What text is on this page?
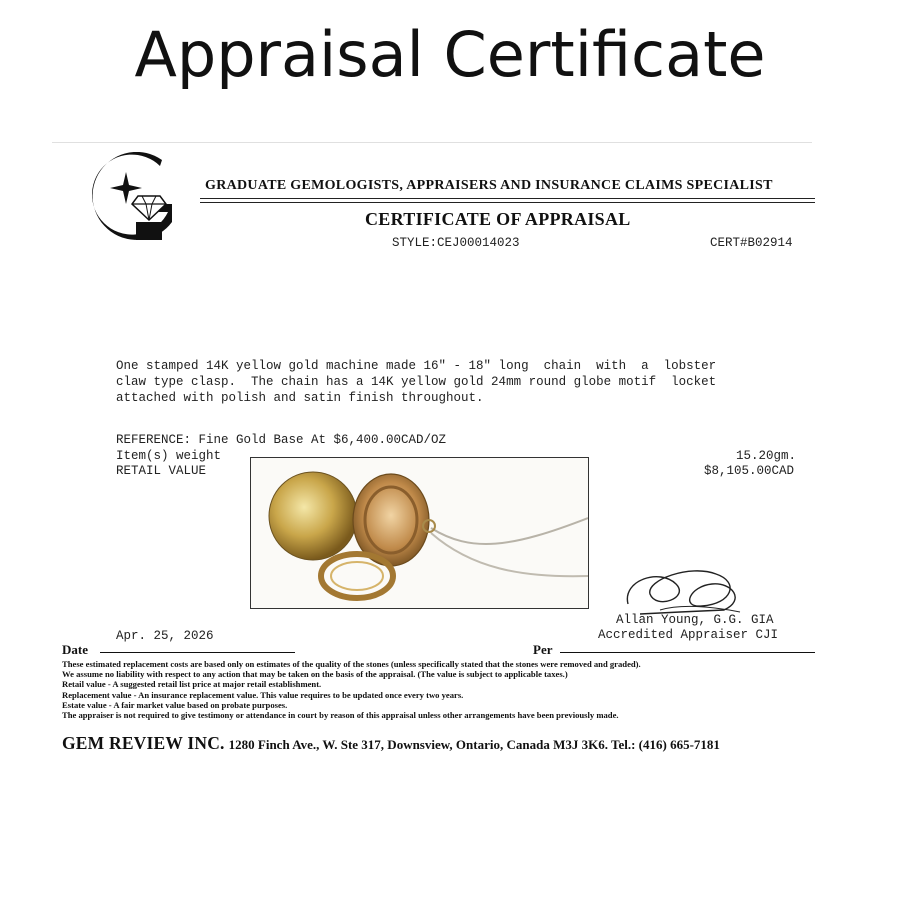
Appraisal Certificate
GRADUATE GEMOLOGISTS, APPRAISERS AND INSURANCE CLAIMS SPECIALIST
CERTIFICATE OF APPRAISAL
STYLE:CEJ00014023	CERT#B02914
One stamped 14K yellow gold machine made 16" - 18" long  chain  with  a  lobster
claw type clasp.  The chain has a 14K yellow gold 24mm round globe motif  locket
attached with polish and satin finish throughout.
REFERENCE: Fine Gold Base At $6,400.00CAD/OZ
Item(s) weight
RETAIL VALUE
15.20gm.
$8,105.00CAD
Allan Young, G.G. GIA
Accredited Appraiser CJI
Apr. 25, 2026
Date	Per
These estimated replacement costs are based only on estimates of the quality of the stones (unless specifically stated that the stones were removed and graded).
We assume no liability with respect to any action that may be taken on the basis of the appraisal. (The value is subject to applicable taxes.)
Retail value - A suggested retail list price at major retail establishment.
Replacement value - An insurance replacement value. This value requires to be updated once every two years.
Estate value - A fair market value based on probate purposes.
The appraiser is not required to give testimony or attendance in court by reason of this appraisal unless other arrangements have been previously made.
GEM REVIEW INC. 1280 Finch Ave., W. Ste 317, Downsview, Ontario, Canada M3J 3K6. Tel.: (416) 665-7181
